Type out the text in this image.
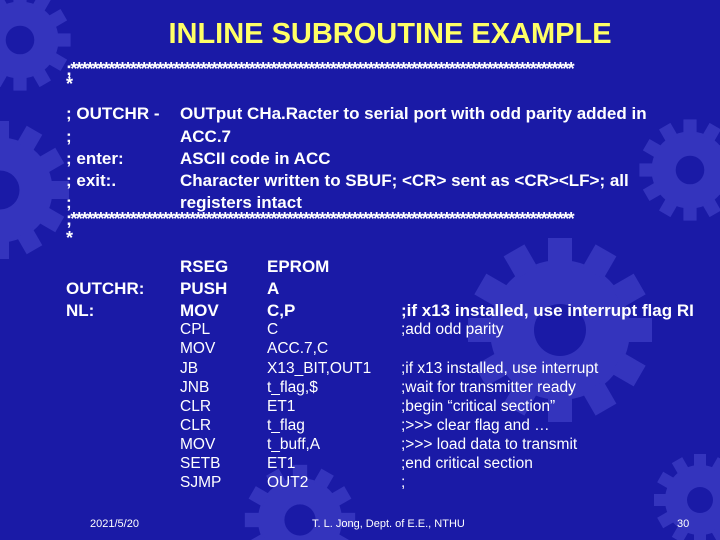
INLINE SUBROUTINE EXAMPLE
;*********************************************************************************************
*
; OUTCHR - OUTput CHa.Racter to serial port with odd parity added in
;	ACC.7
; enter:	ASCII code in ACC
; exit:.	Character written to SBUF; <CR> sent as <CR><LF>; all
;	registers intact
;*********************************************************************************************
*
RSEG EPROM
OUTCHR: PUSH A
NL:	MOV	C,P	;if x13 installed, use interrupt flag RI
CPL	C	;add odd parity
MOV	ACC.7,C
JB	X13_BIT,OUT1 ;if x13 installed, use interrupt
JNB	t_flag,$	;wait for transmitter ready
CLR	ET1	;begin “critical section”
CLR	t_flag	;>>> clear flag and …
MOV	t_buff,A	;>>> load data to transmit
SETB	ET1	;end critical section
SJMP	OUT2	;
2021/5/20	T. L. Jong, Dept. of E.E., NTHU	30
